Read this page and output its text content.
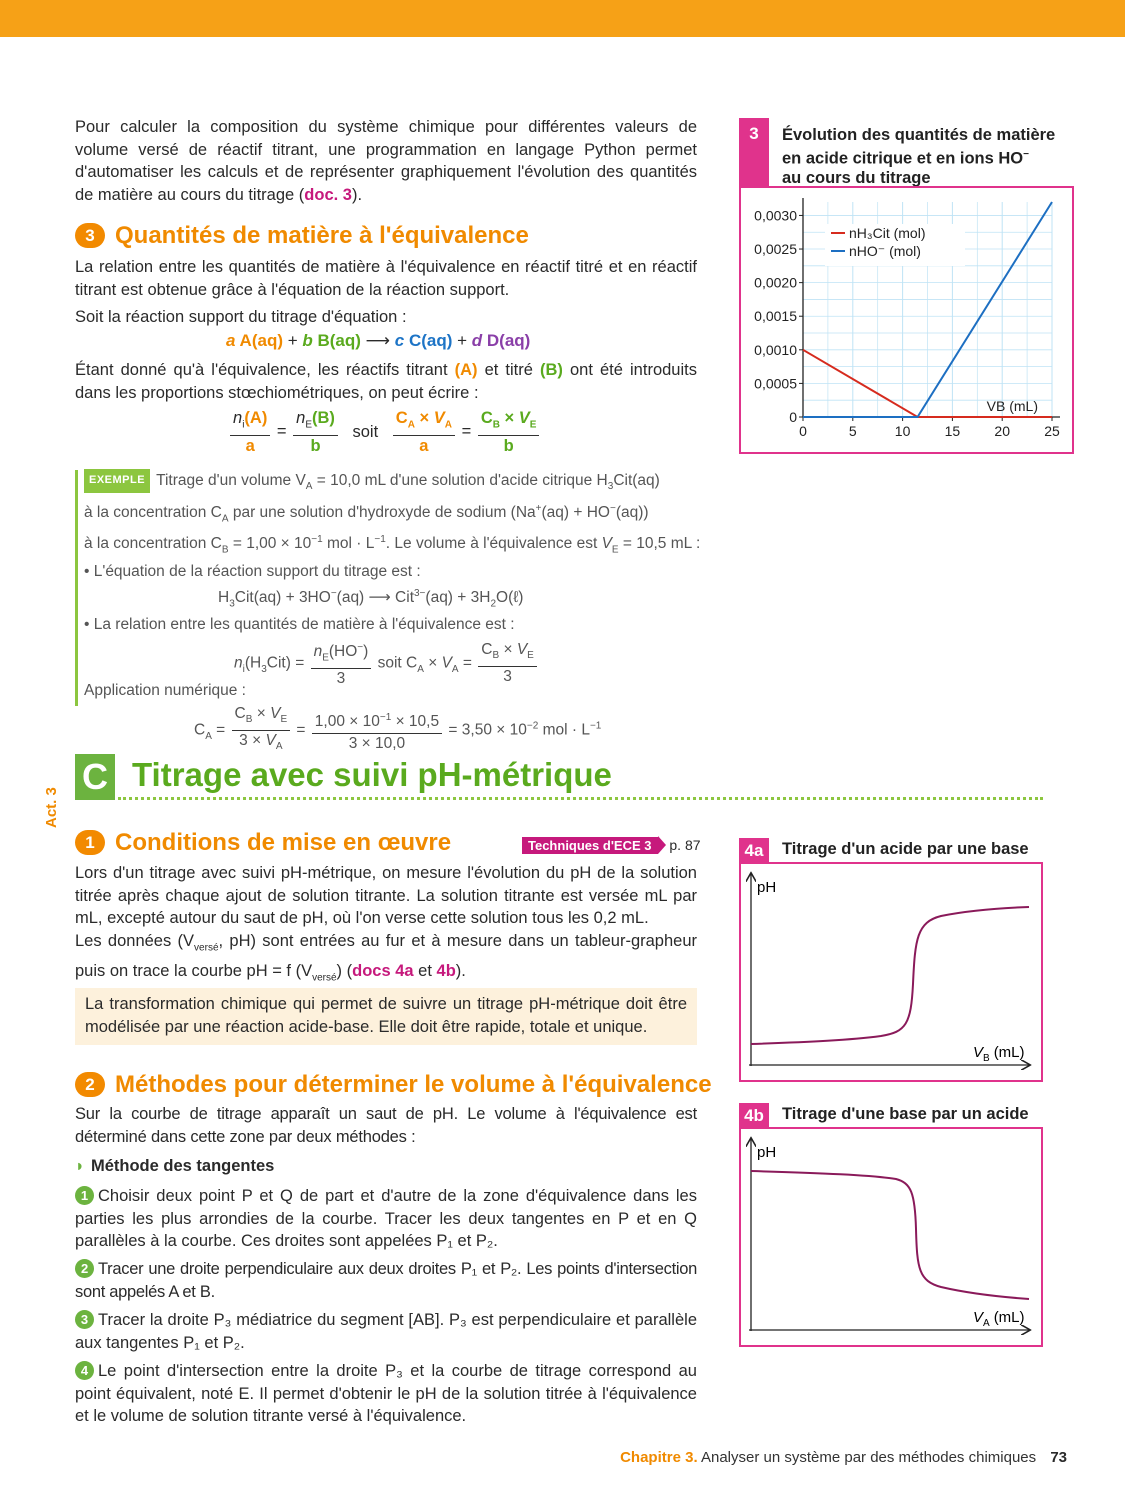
Pour calculer la composition du système chimique pour différentes valeurs de volume versé de réactif titrant, une programmation en langage Python permet d'automatiser les calculs et de représenter graphiquement l'évolution des quantités de matière au cours du titrage (doc. 3).

3 Quantités de matière à l'équivalence

La relation entre les quantités de matière à l'équivalence en réactif titré et en réactif titrant est obtenue grâce à l'équation de la réaction support.

Soit la réaction support du titrage d'équation :

a A(aq) + b B(aq) ⟶ c C(aq) + d D(aq)

Étant donné qu'à l'équivalence, les réactifs titrant (A) et titré (B) ont été introduits dans les proportions stœchiométriques, on peut écrire :

$\frac{n_i(A)}{a} = \frac{n_E(B)}{b}$ soit $\frac{C_A \times V_A}{a} = \frac{C_B \times V_E}{b}$
EXEMPLE Titrage d'un volume $V_A = 10,0$ mL d'une solution d'acide citrique $H_3Cit(aq)$
à la concentration $C_A$ par une solution d'hydroxyde de sodium (Na+(aq) + HO−(aq))
à la concentration $C_B = 1,00 \times 10^{-1}$ mol · $L^{-1}$. Le volume à l'équivalence est $V_E = 10,5$ mL :
• L'équation de la réaction support du titrage est :
$H_3Cit(aq) + 3HO^-(aq)$ ⟶ $Cit^{3-}(aq) + 3H_2O(\ell)$
• La relation entre les quantités de matière à l'équivalence est :
$n_i(H_3Cit) = \frac{n_E(HO^-)}{3}$ soit $C_A \times V_A = \frac{C_B \times V_E}{3}$
Application numérique :
$C_A = \frac{C_B \times V_E}{3 \times V_A} = \frac{1,00 \times 10^{-1} \times 10,5}{3 \times 10,0} = 3,50 \times 10^{-2}$ mol · $L^{-1}$
3	Évolution des quantités de matière
en acide citrique et en ions HO−
au cours du titrage
0	5	10 15 20 25
0
0,0005
0,0010
0,0015
0,0020
0,0025
0,0030
VB (mL)
nH₃Cit (mol)
nHO⁻ (mol)
Act. 3
C Titrage avec suivi pH-métrique
1 Conditions de mise en œuvre	Techniques d'ECE 3 p. 87

Lors d'un titrage avec suivi pH-métrique, on mesure l'évolution du pH de la solution titrée après chaque ajout de solution titrante. La solution titrante est versée mL par mL, excepté autour du saut de pH, où l'on verse cette solution tous les 0,2 mL.

Les données ($V_{versé}$, pH) sont entrées au fur et à mesure dans un tableur-grapheur puis on trace la courbe pH = f $(V_{versé})$ (docs 4a et 4b).

La transformation chimique qui permet de suivre un titrage pH-métrique doit être modélisée par une réaction acide-base. Elle doit être rapide, totale et unique.

2 Méthodes pour déterminer le volume à l'équivalence

Sur la courbe de titrage apparaît un saut de pH. Le volume à l'équivalence est déterminé dans cette zone par deux méthodes :

◗ Méthode des tangentes

1 Choisir deux point P et Q de part et d'autre de la zone d'équivalence dans les parties les plus arrondies de la courbe. Tracer les deux tangentes en P et en Q parallèles à la courbe. Ces droites sont appelées P₁ et P₂.

2 Tracer une droite perpendiculaire aux deux droites P₁ et P₂. Les points d'intersection sont appelés A et B.

3 Tracer la droite P₃ médiatrice du segment [AB]. P₃ est perpendiculaire et parallèle aux tangentes P₁ et P₂.

4 Le point d'intersection entre la droite P₃ et la courbe de titrage correspond au point équivalent, noté E. Il permet d'obtenir le pH de la solution titrée à l'équivalence et le volume de solution titrante versé à l'équivalence.

4a	Titrage d'un acide par une base
pH
$V_B$ (mL)
4b	Titrage d'une base par un acide
pH
$V_A$ (mL)
Chapitre 3. Analyser un système par des méthodes chimiques 73
